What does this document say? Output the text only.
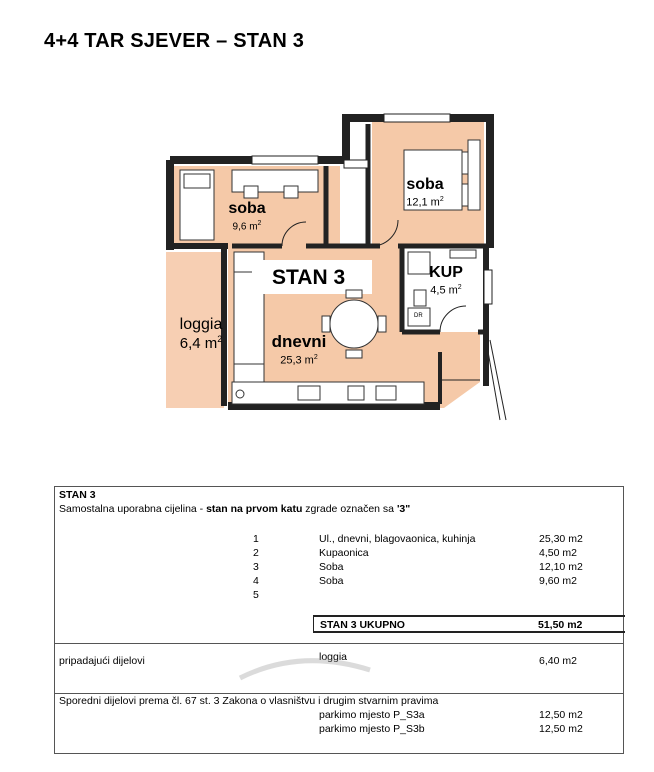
4+4 TAR SJEVER – STAN 3
STAN 3
soba
9,6 $m^2$
soba
12,1 $m^2$
KUP
4,5 $m^2$
loggia
6,4 $m^2$	dnevni
25,3 $m^2$
DR
STAN 3
Samostalna uporabna cijelina - stan na prvom katu zgrade označen sa '3"
1	Ul., dnevni, blagovaonica, kuhinja	25,30 m2
2	Kupaonica	4,50 m2
3	Soba	12,10 m2
4	Soba	9,60 m2
5
STAN 3 UKUPNO	51,50 m2
pripadajući dijelovi	loggia	6,40 m2
Sporedni dijelovi prema čl. 67 st. 3 Zakona o vlasništvu i drugim stvarnim pravima
parkimo mjesto P_S3a	12,50 m2
parkimo mjesto P_S3b	12,50 m2
